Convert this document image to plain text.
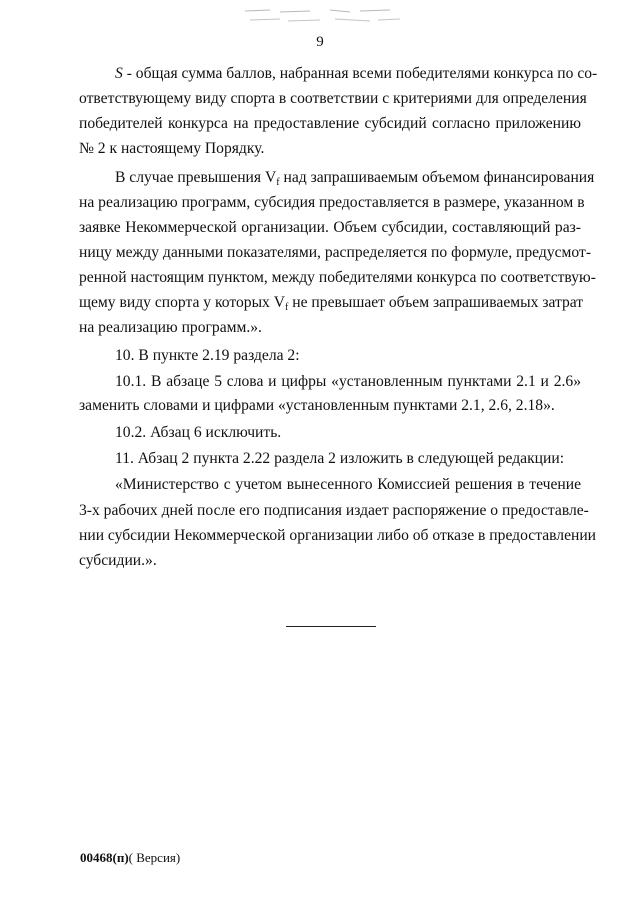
9
S - общая сумма баллов, набранная всеми победителями конкурса по со-
ответствующему виду спорта в соответствии с критериями для определения
победителей конкурса на предоставление субсидий согласно приложению
№ 2 к настоящему Порядку.
В случае превышения $V_f$ над запрашиваемым объемом финансирования
на реализацию программ, субсидия предоставляется в размере, указанном в
заявке Некоммерческой организации. Объем субсидии, составляющий раз-
ницу между данными показателями, распределяется по формуле, предусмот-
ренной настоящим пунктом, между победителями конкурса по соответствую-
щему виду спорта у которых $V_f$ не превышает объем запрашиваемых затрат
на реализацию программ.».
10. В пункте 2.19 раздела 2:
10.1. В абзаце 5 слова и цифры «установленным пунктами 2.1 и 2.6»
заменить словами и цифрами «установленным пунктами 2.1, 2.6, 2.18».
10.2. Абзац 6 исключить.
11. Абзац 2 пункта 2.22 раздела 2 изложить в следующей редакции:
«Министерство с учетом вынесенного Комиссией решения в течение
3-х рабочих дней после его подписания издает распоряжение о предоставле-
нии субсидии Некоммерческой организации либо об отказе в предоставлении
субсидии.».
00468(п)( Версия)
